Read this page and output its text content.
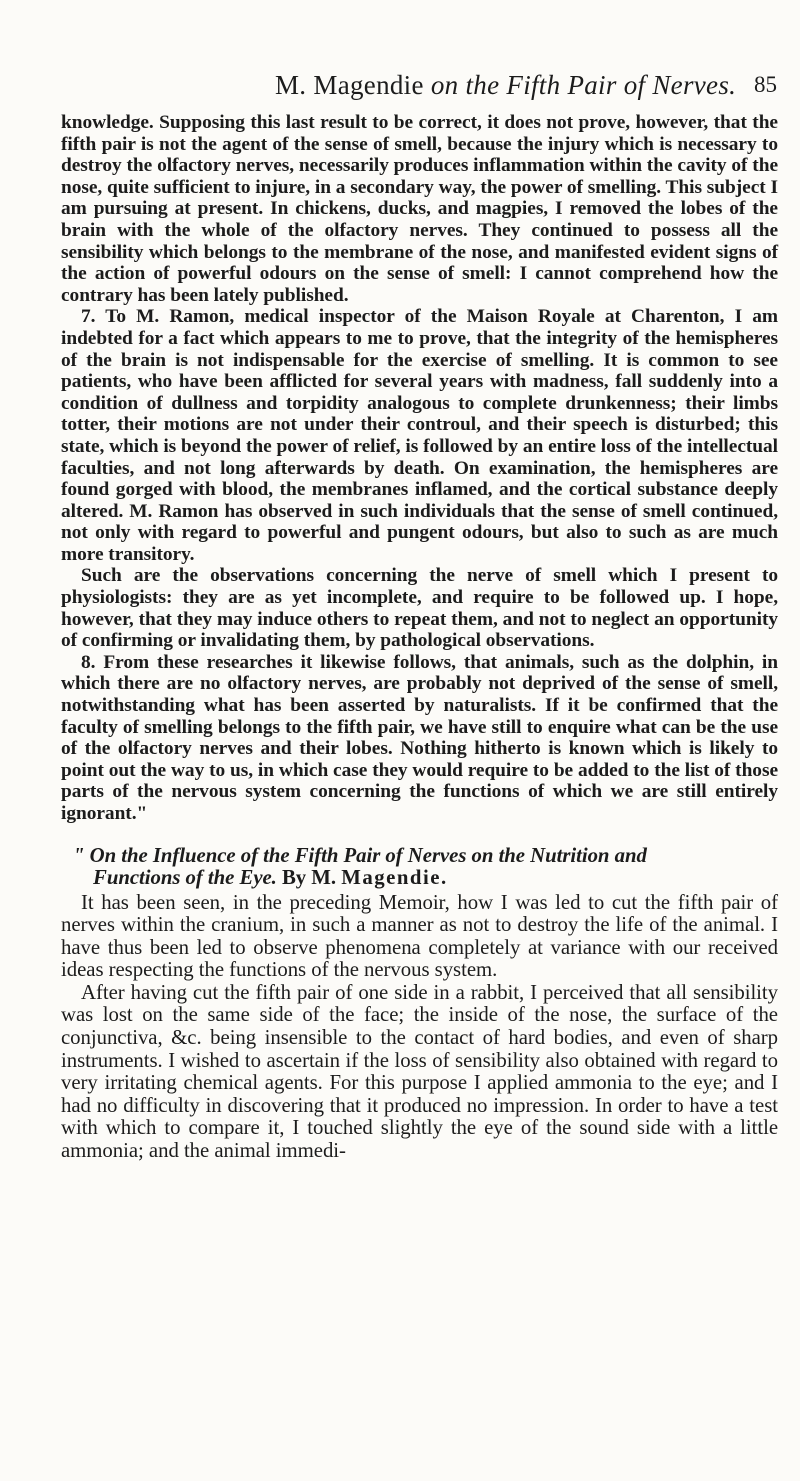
M. Magendie on the Fifth Pair of Nerves. 85

knowledge. Supposing this last result to be correct, it does not prove, however, that the fifth pair is not the agent of the sense of smell, because the injury which is necessary to destroy the olfactory nerves, necessarily produces inflammation within the cavity of the nose, quite sufficient to injure, in a secondary way, the power of smelling. This subject I am pursuing at present. In chickens, ducks, and magpies, I removed the lobes of the brain with the whole of the olfactory nerves. They continued to possess all the sensibility which belongs to the membrane of the nose, and manifested evident signs of the action of powerful odours on the sense of smell: I cannot comprehend how the contrary has been lately published.

7. To M. Ramon, medical inspector of the Maison Royale at Charenton, I am indebted for a fact which appears to me to prove, that the integrity of the hemispheres of the brain is not indispensable for the exercise of smelling. It is common to see patients, who have been afflicted for several years with madness, fall suddenly into a condition of dullness and torpidity analogous to complete drunkenness; their limbs totter, their motions are not under their controul, and their speech is disturbed; this state, which is beyond the power of relief, is followed by an entire loss of the intellectual faculties, and not long afterwards by death. On examination, the hemispheres are found gorged with blood, the membranes inflamed, and the cortical substance deeply altered. M. Ramon has observed in such individuals that the sense of smell continued, not only with regard to powerful and pungent odours, but also to such as are much more transitory.

Such are the observations concerning the nerve of smell which I present to physiologists: they are as yet incomplete, and require to be followed up. I hope, however, that they may induce others to repeat them, and not to neglect an opportunity of confirming or invalidating them, by pathological observations.

8. From these researches it likewise follows, that animals, such as the dolphin, in which there are no olfactory nerves, are probably not deprived of the sense of smell, notwithstanding what has been asserted by naturalists. If it be confirmed that the faculty of smelling belongs to the fifth pair, we have still to enquire what can be the use of the olfactory nerves and their lobes. Nothing hitherto is known which is likely to point out the way to us, in which case they would require to be added to the list of those parts of the nervous system concerning the functions of which we are still entirely ignorant."

" On the Influence of the Fifth Pair of Nerves on the Nutrition and
Functions of the Eye. By M. Magendie.

It has been seen, in the preceding Memoir, how I was led to cut the fifth pair of nerves within the cranium, in such a manner as not to destroy the life of the animal. I have thus been led to observe phenomena completely at variance with our received ideas respecting the functions of the nervous system.

After having cut the fifth pair of one side in a rabbit, I perceived that all sensibility was lost on the same side of the face; the inside of the nose, the surface of the conjunctiva, &c. being insensible to the contact of hard bodies, and even of sharp instruments. I wished to ascertain if the loss of sensibility also obtained with regard to very irritating chemical agents. For this purpose I applied ammonia to the eye; and I had no difficulty in discovering that it produced no impression. In order to have a test with which to compare it, I touched slightly the eye of the sound side with a little ammonia; and the animal immedi-
